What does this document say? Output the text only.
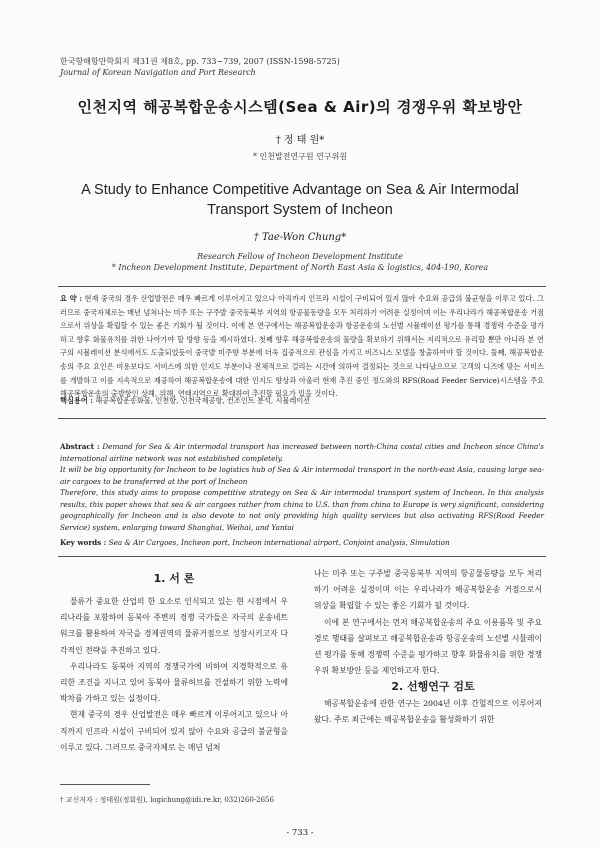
한국항해항만학회지 제31권 제8호, pp. 733~739, 2007 (ISSN-1598-5725)
Journal of Korean Navigation and Port Research
인천지역 해공복합운송시스템(Sea & Air)의 경쟁우위 확보방안
† 정 태 원*
* 인천발전연구원 연구위원
A Study to Enhance Competitive Advantage on Sea & Air Intermodal Transport System of Incheon
† Tae-Won Chung*
Research Fellow of Incheon Development Institute
* Incheon Development Institute, Department of North East Asia & logistics, 404-190, Korea
요 약 : 현재 중국의 경우 산업발전은 매우 빠르게 이루어지고 있으나 아직까지 인프라 시설이 구비되어 있지 않아 수요와 공급의 불균형을 이루고 있다. 그러므로 중국자체로는 매년 넘쳐나는 미주 또는 구주발 중국동북부 지역의 항공물동량을 모두 처리하기 어려운 실정이며 이는 우리나라가 해공복합운송 거점으로서 위상을 확립할 수 있는 좋은 기회가 될 것이다. 이에 본 연구에서는 해공복합운송과 항공운송의 노선별 시뮬레이션 평가를 통해 경쟁력 수준을 평가하고 향후 화물유치를 위한 나아가야 할 방향 등을 제시하였다. 첫째 향후 해공복합운송의 물량을 확보하기 위해서는 지리적으로 유리할 뿐만 아니라 본 연구의 시뮬레이션 분석에서도 도출되었듯이 중국발 미주향 부분에 더욱 집중적으로 관심을 가지고 비즈니스 모델을 창출하여야 할 것이다. 둘째, 해공복합운송의 주요 요인은 비용보다도 서비스에 의한 인지도 부분이나 전체적으로 걸리는 시간에 의하여 결정되는 것으로 나타났으므로 고객의 니즈에 맞는 서비스를 개발하고 이를 지속적으로 제공하여 해공복합운송에 대한 인지도 향상과 아울러 현재 추진 중인 정도와의 RFS(Road Feeder Service)시스템을 주요 해공복합운송의 출발항인 상해, 위해, 연태지역으로 확대하여 추진할 필요가 있을 것이다.
핵심용어 : 해공복합운송화물, 인천항, 인천국제공항, 컨조인트 분석, 시뮬레이션
Abstract : Demand for Sea & Air intermodal transport has increased between north-China costal cities and Incheon since China's international airline network was not established completely.
It will be big opportunity for Incheon to be logistics hub of Sea & Air intermodal transport in the north-east Asia, causing large sea-air cargoes to be transferred at the port of Incheon
Therefore, this study aims to propose competitive strategy on Sea & Air intermodal transport system of Incheon. In this analysis results, this paper shows that sea & air cargoes rather from china to U.S. than from china to Europe is very significant, considering geographically for Incheon and is also devote to not only providing high quality services but also activating RFS(Road Feeder Service) system, enlarging toward Shanghai, Weihai, and Yantai
Key words : Sea & Air Cargoes, Incheon port, Incheon international airport, Conjoint analysis, Simulation

1. 서 론

물류가 중요한 산업의 한 요소로 인식되고 있는 현 시점에서 우리나라를 포함하여 동북아 주변의 경쟁 국가들은 자국의 운송네트워크를 활용하여 자국을 경제권역의 물류거점으로 성장시키고자 다각적인 전략을 추진하고 있다.

우리나라도 동북아 지역의 경쟁국가에 비하여 지경학적으로 유리한 조건을 지니고 있어 동북아 물류허브를 건설하기 위한 노력에 박차를 가하고 있는 실정이다.

현재 중국의 경우 산업발전은 매우 빠르게 이루어지고 있으나 아직까지 인프라 시설이 구비되어 있지 않아 수요와 공급의 불균형을 이루고 있다. 그러므로 중국자체로 는 매년 넘쳐

나는 미주 또는 구주발 중국동북부 지역의 항공물동량을 모두 처리하기 어려운 실정이며 이는 우리나라가 해공복합운송 거점으로서 위상을 확립할 수 있는 좋은 기회가 될 것이다.

이에 본 연구에서는 먼저 해공복합운송의 주요 이용품목 및 주요경로 행태를 살펴보고 해공복합운송과 항공운송의 노선별 시뮬레이션 평가를 통해 경쟁력 수준을 평가하고 향후 화물유치를 위한 경쟁우위 확보방안 등을 제언하고자 한다.

2. 선행연구 검토

해공복합운송에 관한 연구는 2004년 이후 간헐적으로 이루어져 왔다. 주로 최근에는 해공복합운송을 활성화하기 위한

† 교신저자 : 정태원(정회원), logichung@idi.re.kr, 032)260-2656
- 733 -
